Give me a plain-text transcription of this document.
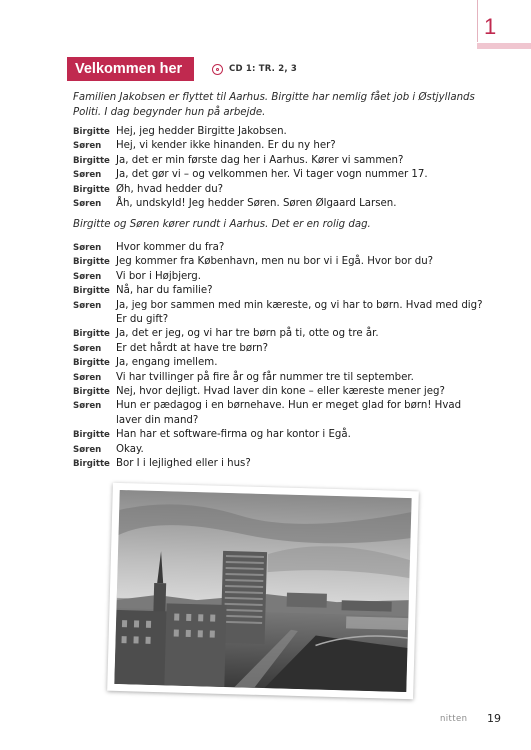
1
Velkommen her	CD 1: TR. 2, 3
Familien Jakobsen er flyttet til Aarhus. Birgitte har nemlig fået job i Østjyllands Politi. I dag begynder hun på arbejde.
Birgitte Hej, jeg hedder Birgitte Jakobsen.
Søren	Hej, vi kender ikke hinanden. Er du ny her?
Birgitte Ja, det er min første dag her i Aarhus. Kører vi sammen?
Søren	Ja, det gør vi – og velkommen her. Vi tager vogn nummer 17.
Birgitte Øh, hvad hedder du?
Søren	Åh, undskyld! Jeg hedder Søren. Søren Ølgaard Larsen.
Birgitte og Søren kører rundt i Aarhus. Det er en rolig dag.
Søren	Hvor kommer du fra?
Birgitte Jeg kommer fra København, men nu bor vi i Egå. Hvor bor du?
Søren	Vi bor i Højbjerg.
Birgitte Nå, har du familie?
Søren	Ja, jeg bor sammen med min kæreste, og vi har to børn. Hvad med dig? Er du gift?
Birgitte Ja, det er jeg, og vi har tre børn på ti, otte og tre år.
Søren	Er det hårdt at have tre børn?
Birgitte Ja, engang imellem.
Søren	Vi har tvillinger på fire år og får nummer tre til september.
Birgitte Nej, hvor dejligt. Hvad laver din kone – eller kæreste mener jeg?
Søren	Hun er pædagog i en børnehave. Hun er meget glad for børn! Hvad laver din mand?
Birgitte Han har et software-firma og har kontor i Egå.
Søren	Okay.
Birgitte Bor I i lejlighed eller i hus?
nitten 19
